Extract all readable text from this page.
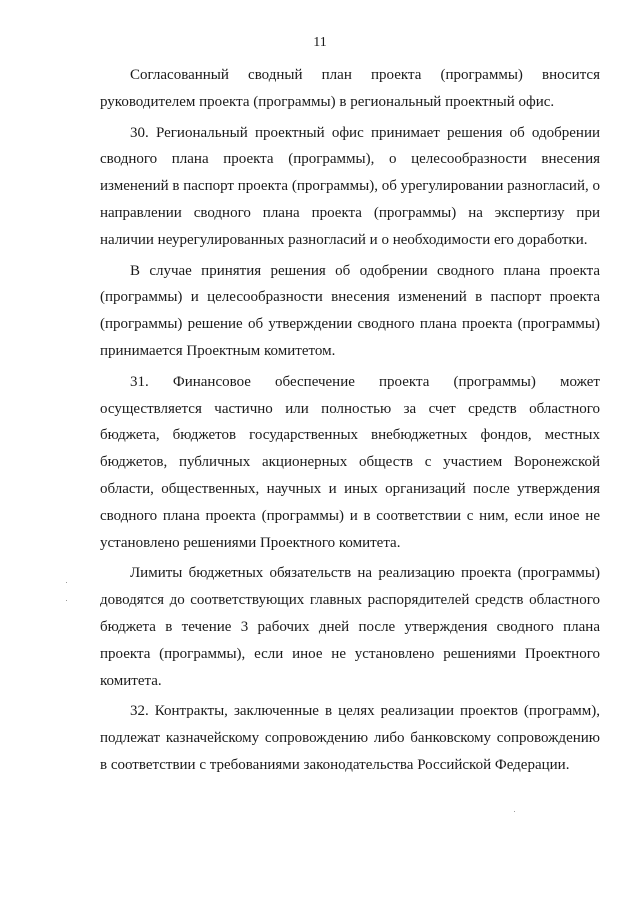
11

Согласованный сводный план проекта (программы) вносится руководителем проекта (программы) в региональный проектный офис.

30. Региональный проектный офис принимает решения об одобрении сводного плана проекта (программы), о целесообразности внесения изменений в паспорт проекта (программы), об урегулировании разногласий, о направлении сводного плана проекта (программы) на экспертизу при наличии неурегулированных разногласий и о необходимости его доработки.

В случае принятия решения об одобрении сводного плана проекта (программы) и целесообразности внесения изменений в паспорт проекта (программы) решение об утверждении сводного плана проекта (программы) принимается Проектным комитетом.

31. Финансовое обеспечение проекта (программы) может осуществляется частично или полностью за счет средств областного бюджета, бюджетов государственных внебюджетных фондов, местных бюджетов, публичных акционерных обществ с участием Воронежской области, общественных, научных и иных организаций после утверждения сводного плана проекта (программы) и в соответствии с ним, если иное не установлено решениями Проектного комитета.

Лимиты бюджетных обязательств на реализацию проекта (программы) доводятся до соответствующих главных распорядителей средств областного бюджета в течение 3 рабочих дней после утверждения сводного плана проекта (программы), если иное не установлено решениями Проектного комитета.

32. Контракты, заключенные в целях реализации проектов (программ), подлежат казначейскому сопровождению либо банковскому сопровождению в соответствии с требованиями законодательства Российской Федерации.
